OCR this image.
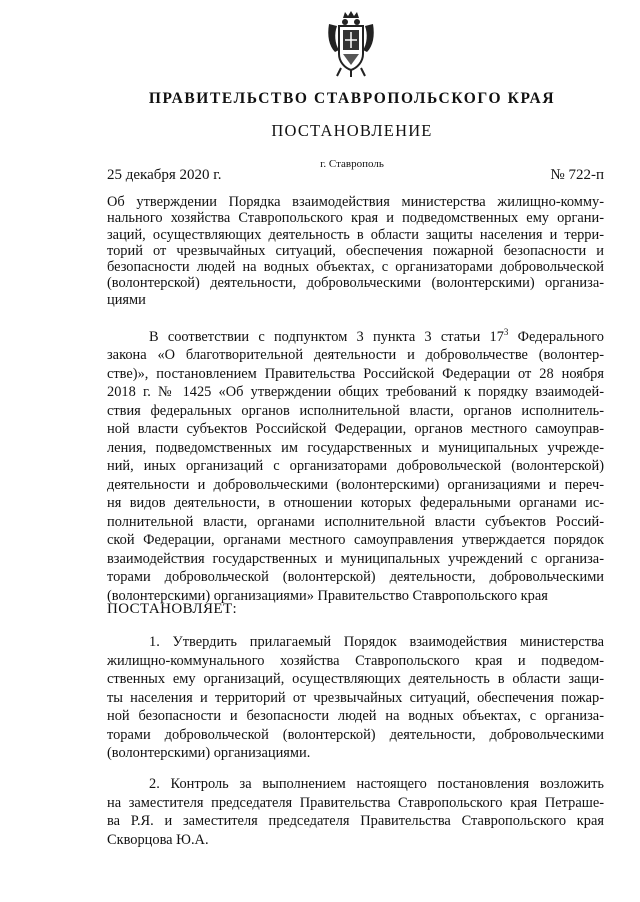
ПРАВИТЕЛЬСТВО СТАВРОПОЛЬСКОГО КРАЯ
ПОСТАНОВЛЕНИЕ
г. Ставрополь
25 декабря 2020 г.	№ 722-п
Об утверждении Порядка взаимодействия министерства жилищно-комму-
нального хозяйства Ставропольского края и подведомственных ему органи-
заций, осуществляющих деятельность в области защиты населения и терри-
торий от чрезвычайных ситуаций, обеспечения пожарной безопасности и
безопасности людей на водных объектах, с организаторами добровольческой
(волонтерской) деятельности, добровольческими (волонтерскими) организа-
циями
В соответствии с подпунктом 3 пункта 3 статьи $17^3$ Федерального
закона «О благотворительной деятельности и добровольчестве (волонтер-
стве)», постановлением Правительства Российской Федерации от 28 ноября
2018 г. № 1425 «Об утверждении общих требований к порядку взаимодей-
ствия федеральных органов исполнительной власти, органов исполнитель-
ной власти субъектов Российской Федерации, органов местного самоуправ-
ления, подведомственных им государственных и муниципальных учрежде-
ний, иных организаций с организаторами добровольческой (волонтерской)
деятельности и добровольческими (волонтерскими) организациями и переч-
ня видов деятельности, в отношении которых федеральными органами ис-
полнительной власти, органами исполнительной власти субъектов Россий-
ской Федерации, органами местного самоуправления утверждается порядок
взаимодействия государственных и муниципальных учреждений с организа-
торами добровольческой (волонтерской) деятельности, добровольческими
(волонтерскими) организациями» Правительство Ставропольского края
ПОСТАНОВЛЯЕТ:
1. Утвердить прилагаемый Порядок взаимодействия министерства
жилищно-коммунального хозяйства Ставропольского края и подведом-
ственных ему организаций, осуществляющих деятельность в области защи-
ты населения и территорий от чрезвычайных ситуаций, обеспечения пожар-
ной безопасности и безопасности людей на водных объектах, с организа-
торами добровольческой (волонтерской) деятельности, добровольческими
(волонтерскими) организациями.
2. Контроль за выполнением настоящего постановления возложить
на заместителя председателя Правительства Ставропольского края Петраше-
ва Р.Я. и заместителя председателя Правительства Ставропольского края
Скворцова Ю.А.
